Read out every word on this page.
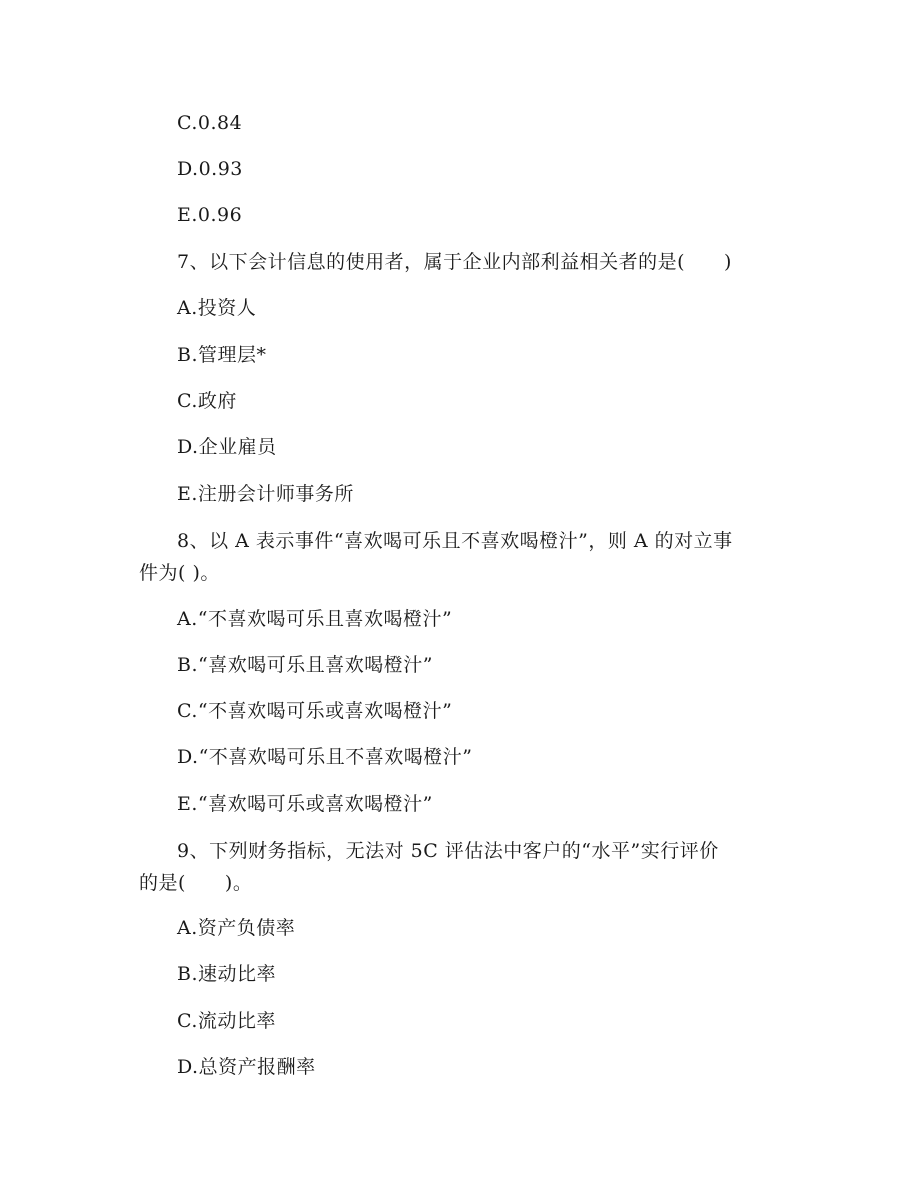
C.0.84

D.0.93

E.0.96

7、以下会计信息的使用者，属于企业内部利益相关者的是(　　)

A.投资人

B.管理层*

C.政府

D.企业雇员

E.注册会计师事务所

8、以 A 表示事件“喜欢喝可乐且不喜欢喝橙汁”，则 A 的对立事

件为( )。

A.“不喜欢喝可乐且喜欢喝橙汁”

B.“喜欢喝可乐且喜欢喝橙汁”

C.“不喜欢喝可乐或喜欢喝橙汁”

D.“不喜欢喝可乐且不喜欢喝橙汁”

E.“喜欢喝可乐或喜欢喝橙汁”

9、下列财务指标，无法对 5C 评估法中客户的“水平”实行评价

的是(　　)。

A.资产负债率

B.速动比率

C.流动比率

D.总资产报酬率
